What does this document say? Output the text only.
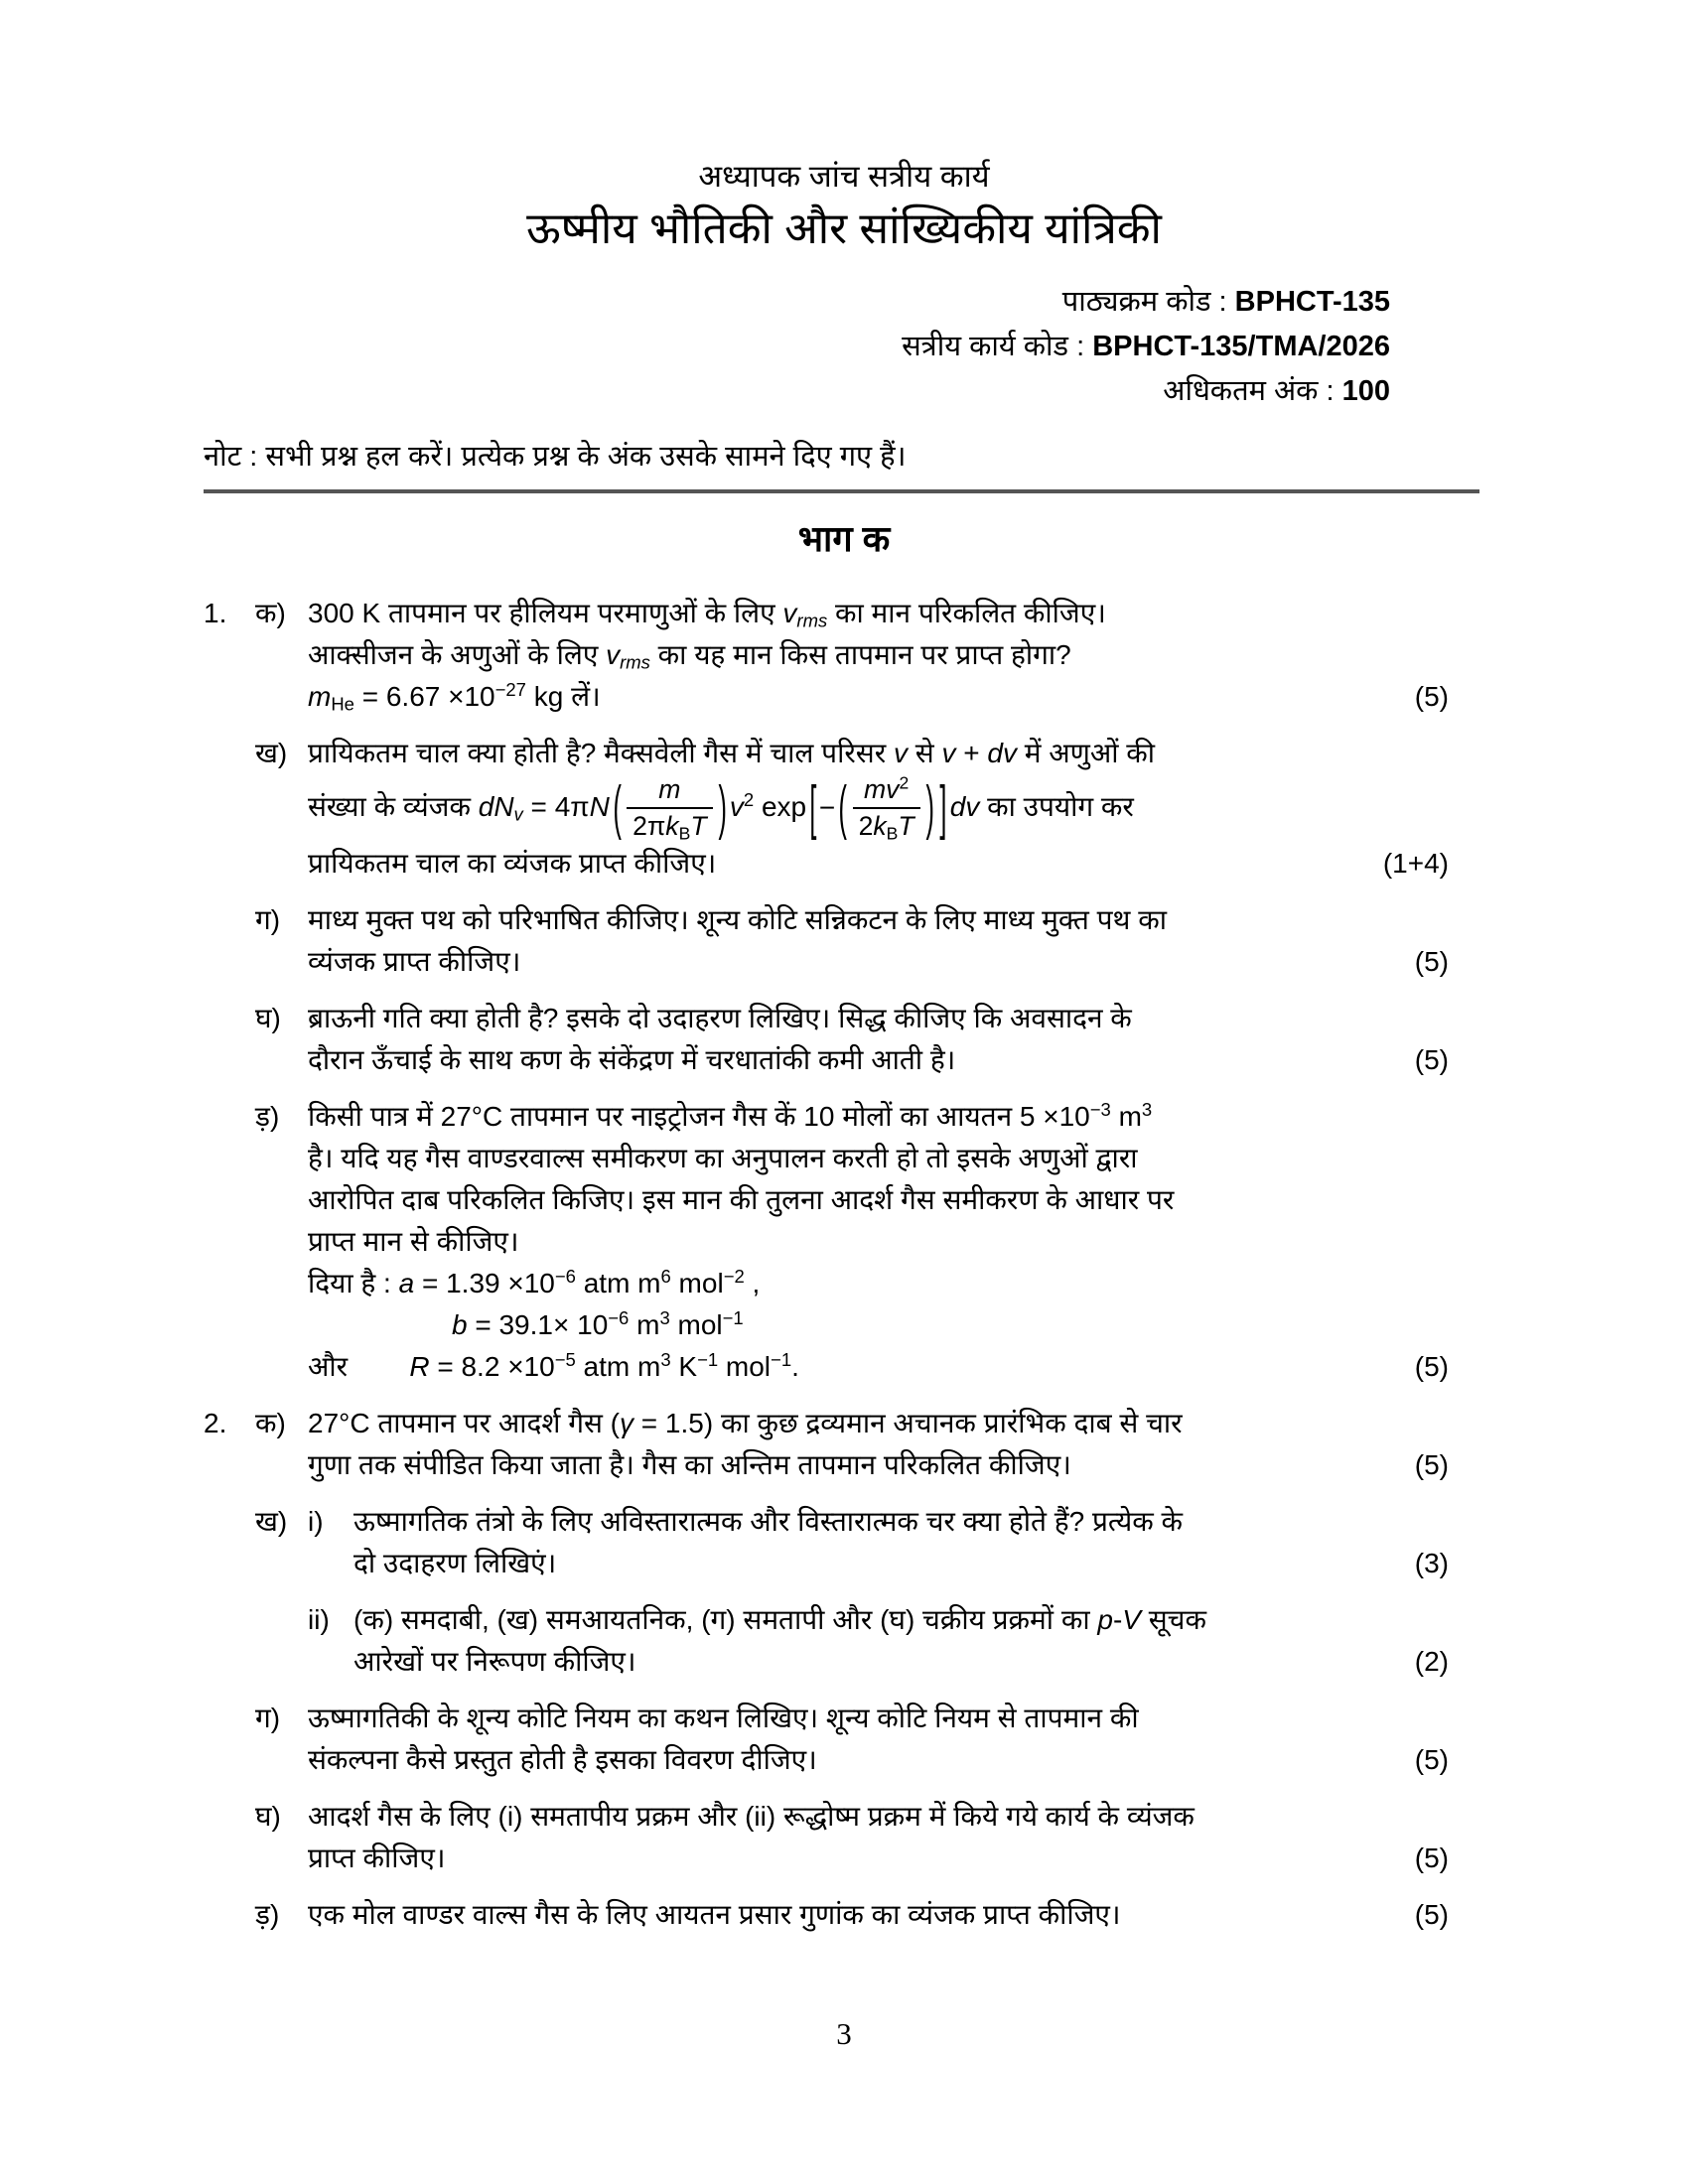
अध्यापक जांच सत्रीय कार्य
ऊष्मीय भौतिकी और सांख्यिकीय यांत्रिकी
पाठ्यक्रम कोड : BPHCT-135
सत्रीय कार्य कोड : BPHCT-135/TMA/2026
अधिकतम अंक : 100
नोट : सभी प्रश्न हल करें। प्रत्येक प्रश्न के अंक उसके सामने दिए गए हैं।
भाग क
1.	क) 300 K तापमान पर हीलियम परमाणुओं के लिए $v_{rms}$ का मान परिकलित कीजिए।
आक्सीजन के अणुओं के लिए $v_{rms}$ का यह मान किस तापमान पर प्राप्त होगा?
$m_{He} = 6.67 \times 10^{-27}$ kg लें।	(5)
ख) प्रायिकतम चाल क्या होती है? मैक्सवेली गैस में चाल परिसर v से v + dv में अणुओं की
संख्या के व्यंजक $dN_v = 4\pi N$ ( $\frac{m}{2\pi k_BT}$ ) $v^2$ exp [ − ( $\frac{mv^2}{2k_BT}$ ) ] dv का उपयोग कर
प्रायिकतम चाल का व्यंजक प्राप्त कीजिए।	(1+4)
ग) माध्य मुक्त पथ को परिभाषित कीजिए। शून्य कोटि सन्निकटन के लिए माध्य मुक्त पथ का
व्यंजक प्राप्त कीजिए।	(5)
घ) ब्राऊनी गति क्या होती है? इसके दो उदाहरण लिखिए। सिद्ध कीजिए कि अवसादन के
दौरान ऊँचाई के साथ कण के संकेंद्रण में चरधातांकी कमी आती है।	(5)
ड़)	किसी पात्र में 27°C तापमान पर नाइट्रोजन गैस कें 10 मोलों का आयतन $5 \times 10^{-3}$ $m^3$
है। यदि यह गैस वाण्डरवाल्स समीकरण का अनुपालन करती हो तो इसके अणुओं द्वारा
आरोपित दाब परिकलित किजिए। इस मान की तुलना आदर्श गैस समीकरण के आधार पर
प्राप्त मान से कीजिए।
दिया है : $a = 1.39 \times 10^{-6}$ atm $m^6$ mol$^{-2}$ ,
$b = 39.1\times 10^{-6}$ $m^3$ mol$^{-1}$
और        $R = 8.2 \times 10^{-5}$ atm $m^3$ $K^{-1}$ mol$^{-1}$.	(5)
2.	क) 27°C तापमान पर आदर्श गैस (γ = 1.5) का कुछ द्रव्यमान अचानक प्रारंभिक दाब से चार
गुणा तक संपीडित किया जाता है। गैस का अन्तिम तापमान परिकलित कीजिए।	(5)
ख) i)	ऊष्मागतिक तंत्रो के लिए अविस्तारात्मक और विस्तारात्मक चर क्या होते हैं? प्रत्येक के
दो उदाहरण लिखिएं।	(3)
ii) (क) समदाबी, (ख) समआयतनिक, (ग) समतापी और (घ) चक्रीय प्रक्रमों का p-V सूचक
आरेखों पर निरूपण कीजिए।	(2)
ग) ऊष्मागतिकी के शून्य कोटि नियम का कथन लिखिए। शून्य कोटि नियम से तापमान की
संकल्पना कैसे प्रस्तुत होती है इसका विवरण दीजिए।	(5)
घ) आदर्श गैस के लिए (i) समतापीय प्रक्रम और (ii) रूद्धोष्म प्रक्रम में किये गये कार्य के व्यंजक
प्राप्त कीजिए।	(5)
ड़)	एक मोल वाण्डर वाल्स गैस के लिए आयतन प्रसार गुणांक का व्यंजक प्राप्त कीजिए।	(5)
3
